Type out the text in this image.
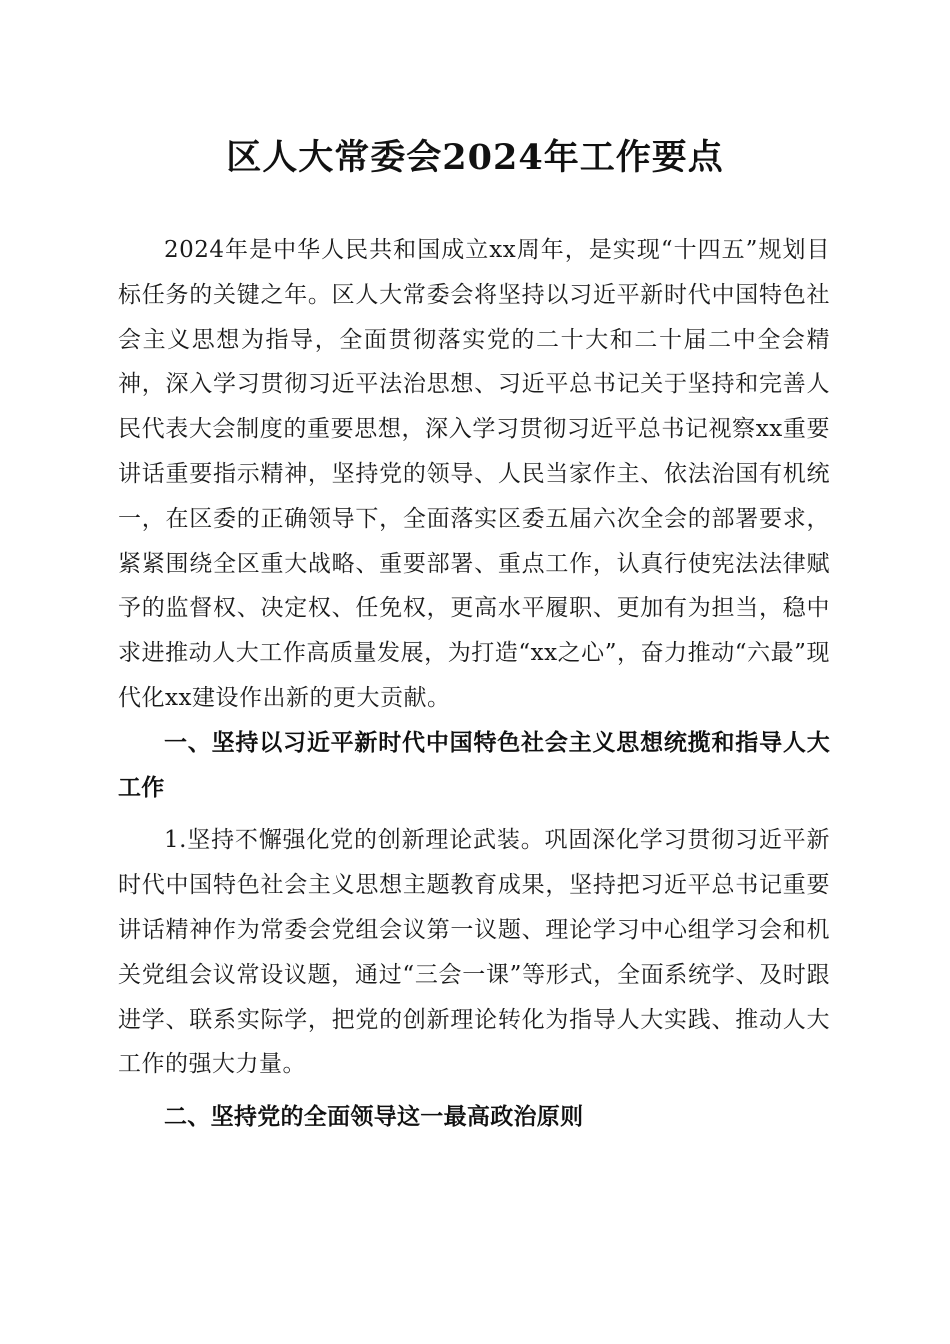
区人大常委会2024年工作要点

2024年是中华人民共和国成立xx周年，是实现“十四五”规划目标任务的关键之年。区人大常委会将坚持以习近平新时代中国特色社会主义思想为指导，全面贯彻落实党的二十大和二十届二中全会精神，深入学习贯彻习近平法治思想、习近平总书记关于坚持和完善人民代表大会制度的重要思想，深入学习贯彻习近平总书记视察xx重要讲话重要指示精神，坚持党的领导、人民当家作主、依法治国有机统一，在区委的正确领导下，全面落实区委五届六次全会的部署要求，紧紧围绕全区重大战略、重要部署、重点工作，认真行使宪法法律赋予的监督权、决定权、任免权，更高水平履职、更加有为担当，稳中求进推动人大工作高质量发展，为打造“xx之心”，奋力推动“六最”现代化xx建设作出新的更大贡献。

一、坚持以习近平新时代中国特色社会主义思想统揽和指导人大工作

1.坚持不懈强化党的创新理论武装。巩固深化学习贯彻习近平新时代中国特色社会主义思想主题教育成果，坚持把习近平总书记重要讲话精神作为常委会党组会议第一议题、理论学习中心组学习会和机关党组会议常设议题，通过“三会一课”等形式，全面系统学、及时跟进学、联系实际学，把党的创新理论转化为指导人大实践、推动人大工作的强大力量。

二、坚持党的全面领导这一最高政治原则
